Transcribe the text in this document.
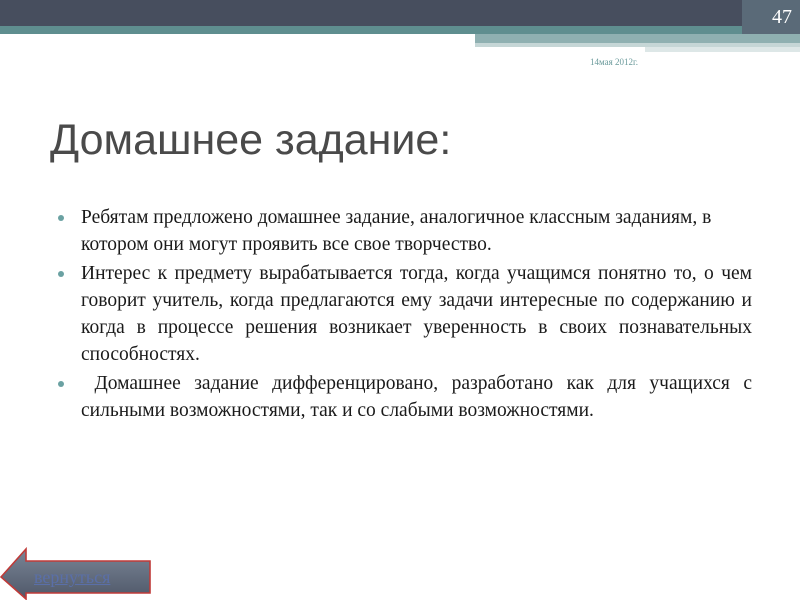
47
14мая 2012г.
Домашнее задание:
Ребятам предложено домашнее задание, аналогичное классным заданиям, в котором они могут проявить все свое творчество.
Интерес к предмету вырабатывается тогда, когда учащимся понятно то, о чем говорит учитель, когда предлагаются ему задачи интересные по содержанию и когда в процессе решения возникает уверенность в своих познавательных способностях.
Домашнее задание дифференцировано, разработано как для учащихся с сильными возможностями, так и со слабыми возможностями.
вернуться
